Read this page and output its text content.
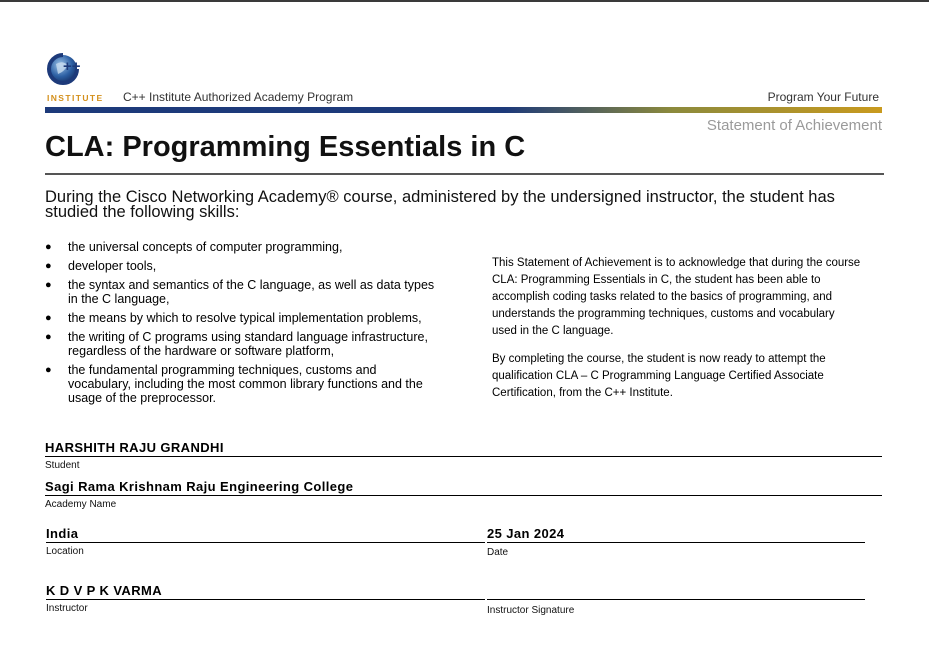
++
INSTITUTE C++ Institute Authorized Academy Program	Program Your Future
Statement of Achievement
CLA: Programming Essentials in C
During the Cisco Networking Academy® course, administered by the undersigned instructor, the student has studied the following skills:
● the universal concepts of computer programming,
● developer tools,
● the syntax and semantics of the C language, as well as data types in the C language,
● the means by which to resolve typical implementation problems,
● the writing of C programs using standard language infrastructure, regardless of the hardware or software platform,
● the fundamental programming techniques, customs and vocabulary, including the most common library functions and the usage of the preprocessor.

This Statement of Achievement is to acknowledge that during the course CLA: Programming Essentials in C, the student has been able to accomplish coding tasks related to the basics of programming, and understands the programming techniques, customs and vocabulary used in the C language.

By completing the course, the student is now ready to attempt the qualification CLA – C Programming Language Certified Associate Certification, from the C++ Institute.

HARSHITH RAJU GRANDHI
Student
Sagi Rama Krishnam Raju Engineering College
Academy Name
India
Location
25 Jan 2024
Date
K D V P K VARMA
Instructor	Instructor Signature
